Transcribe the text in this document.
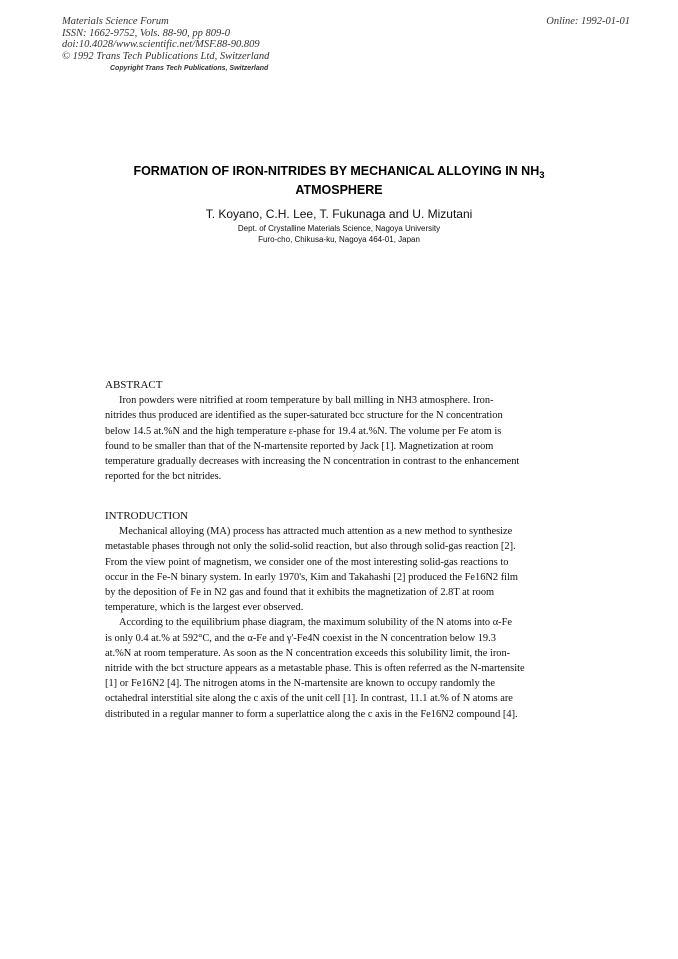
Materials Science Forum
ISSN: 1662-9752, Vols. 88-90, pp 809-0
doi:10.4028/www.scientific.net/MSF.88-90.809
© 1992 Trans Tech Publications Ltd, Switzerland
Copyright Trans Tech Publications, Switzerland
Online: 1992-01-01
FORMATION OF IRON-NITRIDES BY MECHANICAL ALLOYING IN $NH_3$
ATMOSPHERE
T. Koyano, C.H. Lee, T. Fukunaga and U. Mizutani
Dept. of Crystalline Materials Science, Nagoya University
Furo-cho, Chikusa-ku, Nagoya 464-01, Japan
ABSTRACT
Iron powders were nitrified at room temperature by ball milling in NH3 atmosphere. Iron-
nitrides thus produced are identified as the super-saturated bcc structure for the N concentration
below 14.5 at.%N and the high temperature ε-phase for 19.4 at.%N. The volume per Fe atom is
found to be smaller than that of the N-martensite reported by Jack [1]. Magnetization at room
temperature gradually decreases with increasing the N concentration in contrast to the enhancement
reported for the bct nitrides.
INTRODUCTION
Mechanical alloying (MA) process has attracted much attention as a new method to synthesize
metastable phases through not only the solid-solid reaction, but also through solid-gas reaction [2].
From the view point of magnetism, we consider one of the most interesting solid-gas reactions to
occur in the Fe-N binary system. In early 1970's, Kim and Takahashi [2] produced the Fe16N2 film
by the deposition of Fe in N2 gas and found that it exhibits the magnetization of 2.8T at room
temperature, which is the largest ever observed.
According to the equilibrium phase diagram, the maximum solubility of the N atoms into α-Fe
is only 0.4 at.% at 592°C, and the α-Fe and γ'-Fe4N coexist in the N concentration below 19.3
at.%N at room temperature. As soon as the N concentration exceeds this solubility limit, the iron-
nitride with the bct structure appears as a metastable phase. This is often referred as the N-martensite
[1] or Fe16N2 [4]. The nitrogen atoms in the N-martensite are known to occupy randomly the
octahedral interstitial site along the c axis of the unit cell [1]. In contrast, 11.1 at.% of N atoms are
distributed in a regular manner to form a superlattice along the c axis in the Fe16N2 compound [4].
